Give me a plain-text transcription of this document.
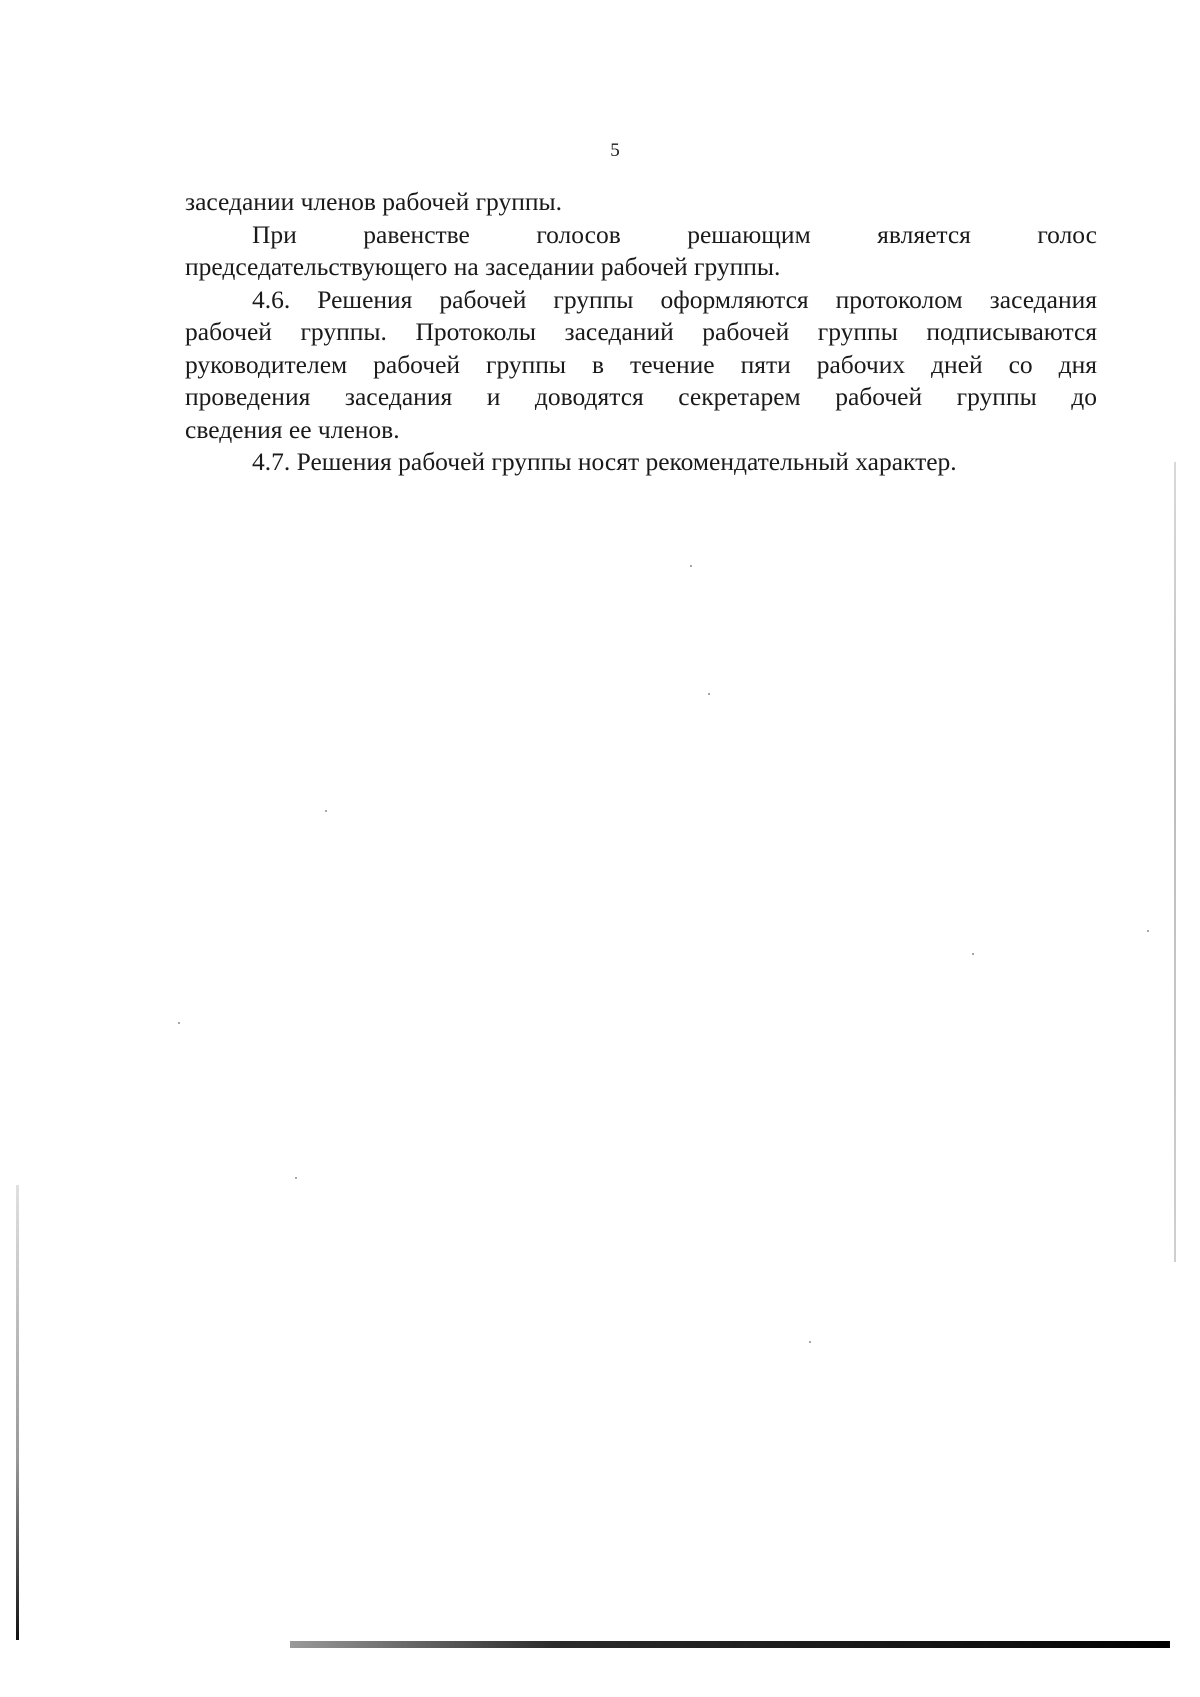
5
заседании членов рабочей группы.
При равенстве голосов решающим является голос
председательствующего на заседании рабочей группы.
4.6. Решения рабочей группы оформляются протоколом заседания
рабочей группы. Протоколы заседаний рабочей группы подписываются
руководителем рабочей группы в течение пяти рабочих дней со дня
проведения заседания и доводятся секретарем рабочей группы до
сведения ее членов.
4.7. Решения рабочей группы носят рекомендательный характер.
